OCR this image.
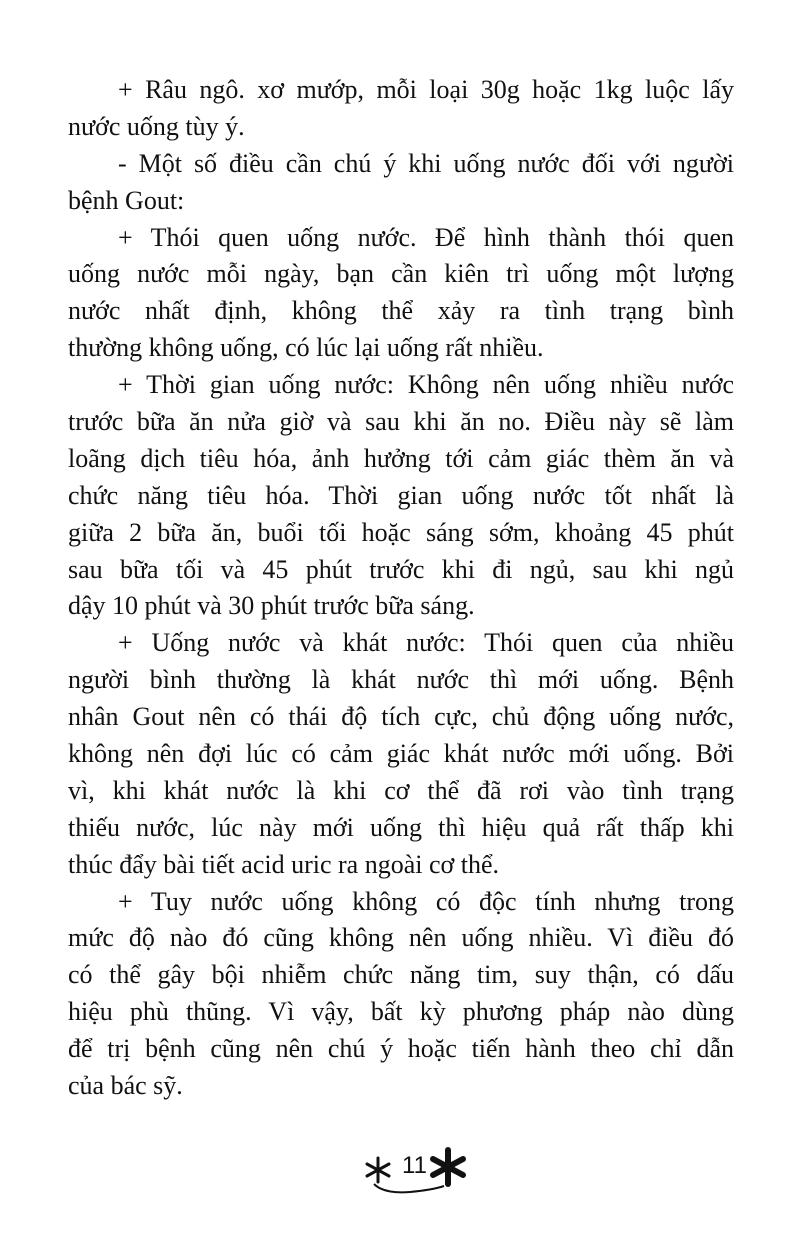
+ Râu ngô. xơ mướp, mỗi loại 30g hoặc 1kg luộc lấy
nước uống tùy ý.
- Một số điều cần chú ý khi uống nước đối với người
bệnh Gout:
+ Thói quen uống nước. Để hình thành thói quen
uống nước mỗi ngày, bạn cần kiên trì uống một lượng
nước nhất định, không thể xảy ra tình trạng bình
thường không uống, có lúc lại uống rất nhiều.
+ Thời gian uống nước: Không nên uống nhiều nước
trước bữa ăn nửa giờ và sau khi ăn no. Điều này sẽ làm
loãng dịch tiêu hóa, ảnh hưởng tới cảm giác thèm ăn và
chức năng tiêu hóa. Thời gian uống nước tốt nhất là
giữa 2 bữa ăn, buổi tối hoặc sáng sớm, khoảng 45 phút
sau bữa tối và 45 phút trước khi đi ngủ, sau khi ngủ
dậy 10 phút và 30 phút trước bữa sáng.
+ Uống nước và khát nước: Thói quen của nhiều
người bình thường là khát nước thì mới uống. Bệnh
nhân Gout nên có thái độ tích cực, chủ động uống nước,
không nên đợi lúc có cảm giác khát nước mới uống. Bởi
vì, khi khát nước là khi cơ thể đã rơi vào tình trạng
thiếu nước, lúc này mới uống thì hiệu quả rất thấp khi
thúc đẩy bài tiết acid uric ra ngoài cơ thể.
+ Tuy nước uống không có độc tính nhưng trong
mức độ nào đó cũng không nên uống nhiều. Vì điều đó
có thể gây bội nhiễm chức năng tim, suy thận, có dấu
hiệu phù thũng. Vì vậy, bất kỳ phương pháp nào dùng
để trị bệnh cũng nên chú ý hoặc tiến hành theo chỉ dẫn
của bác sỹ.
11
